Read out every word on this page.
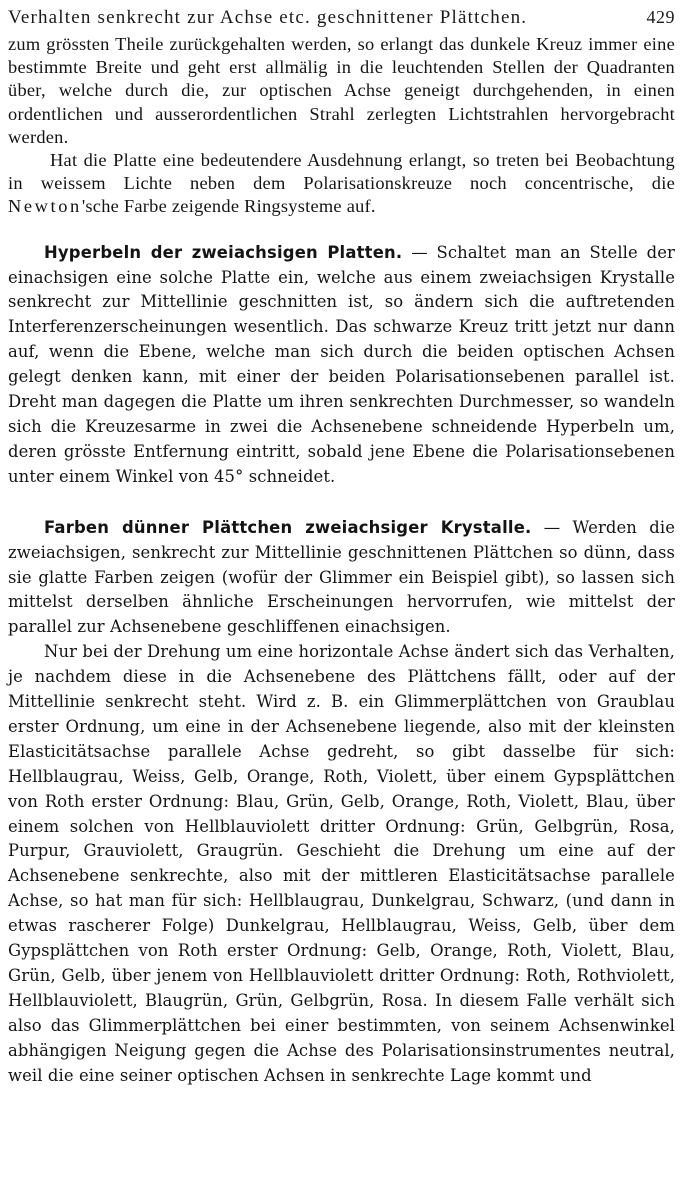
Verhalten senkrecht zur Achse etc. geschnittener Plättchen.	429

zum grössten Theile zurückgehalten werden, so erlangt das dunkele Kreuz immer eine bestimmte Breite und geht erst allmälig in die leuchtenden Stellen der Quadranten über, welche durch die, zur optischen Achse geneigt durchgehenden, in einen ordentlichen und ausserordentlichen Strahl zerlegten Lichtstrahlen hervorgebracht werden.

Hat die Platte eine bedeutendere Ausdehnung erlangt, so treten bei Beobachtung in weissem Lichte neben dem Polarisationskreuze noch concentrische, die Newton'sche Farbe zeigende Ringsysteme auf.

Hyperbeln der zweiachsigen Platten. — Schaltet man an Stelle der einachsigen eine solche Platte ein, welche aus einem zweiachsigen Krystalle senkrecht zur Mittellinie geschnitten ist, so ändern sich die auftretenden Interferenzerscheinungen wesentlich. Das schwarze Kreuz tritt jetzt nur dann auf, wenn die Ebene, welche man sich durch die beiden optischen Achsen gelegt denken kann, mit einer der beiden Polarisationsebenen parallel ist. Dreht man dagegen die Platte um ihren senkrechten Durchmesser, so wandeln sich die Kreuzesarme in zwei die Achsenebene schneidende Hyperbeln um, deren grösste Entfernung eintritt, sobald jene Ebene die Polarisationsebenen unter einem Winkel von 45° schneidet.

Farben dünner Plättchen zweiachsiger Krystalle. — Werden die zweiachsigen, senkrecht zur Mittellinie geschnittenen Plättchen so dünn, dass sie glatte Farben zeigen (wofür der Glimmer ein Beispiel gibt), so lassen sich mittelst derselben ähnliche Erscheinungen hervorrufen, wie mittelst der parallel zur Achsenebene geschliffenen einachsigen.

Nur bei der Drehung um eine horizontale Achse ändert sich das Verhalten, je nachdem diese in die Achsenebene des Plättchens fällt, oder auf der Mittellinie senkrecht steht. Wird z. B. ein Glimmerplättchen von Graublau erster Ordnung, um eine in der Achsenebene liegende, also mit der kleinsten Elasticitätsachse parallele Achse gedreht, so gibt dasselbe für sich: Hellblaugrau, Weiss, Gelb, Orange, Roth, Violett, über einem Gypsplättchen von Roth erster Ordnung: Blau, Grün, Gelb, Orange, Roth, Violett, Blau, über einem solchen von Hellblauviolett dritter Ordnung: Grün, Gelbgrün, Rosa, Purpur, Grauviolett, Graugrün. Geschieht die Drehung um eine auf der Achsenebene senkrechte, also mit der mittleren Elasticitätsachse parallele Achse, so hat man für sich: Hellblaugrau, Dunkelgrau, Schwarz, (und dann in etwas rascherer Folge) Dunkelgrau, Hellblaugrau, Weiss, Gelb, über dem Gypsplättchen von Roth erster Ordnung: Gelb, Orange, Roth, Violett, Blau, Grün, Gelb, über jenem von Hellblauviolett dritter Ordnung: Roth, Rothviolett, Hellblauviolett, Blaugrün, Grün, Gelbgrün, Rosa. In diesem Falle verhält sich also das Glimmerplättchen bei einer bestimmten, von seinem Achsenwinkel abhängigen Neigung gegen die Achse des Polarisationsinstrumentes neutral, weil die eine seiner optischen Achsen in senkrechte Lage kommt und
